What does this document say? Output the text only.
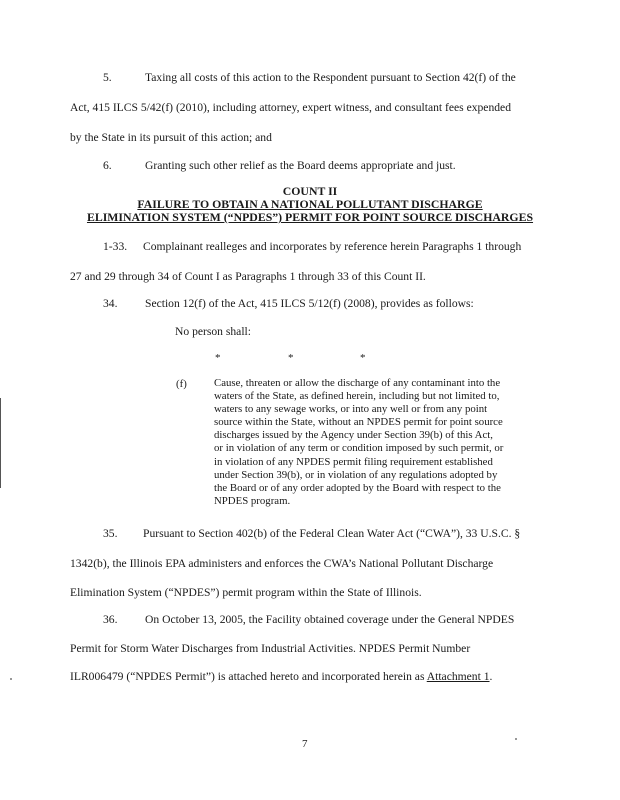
5.	Taxing all costs of this action to the Respondent pursuant to Section 42(f) of the
Act, 415 ILCS 5/42(f) (2010), including attorney, expert witness, and consultant fees expended
by the State in its pursuit of this action; and
6.	Granting such other relief as the Board deems appropriate and just.
COUNT II
FAILURE TO OBTAIN A NATIONAL POLLUTANT DISCHARGE
ELIMINATION SYSTEM (“NPDES”) PERMIT FOR POINT SOURCE DISCHARGES
1-33. Complainant realleges and incorporates by reference herein Paragraphs 1 through
27 and 29 through 34 of Count I as Paragraphs 1 through 33 of this Count II.
34. Section 12(f) of the Act, 415 ILCS 5/12(f) (2008), provides as follows:
No person shall:
*	*	*
(f)	Cause, threaten or allow the discharge of any contaminant into the
waters of the State, as defined herein, including but not limited to,
waters to any sewage works, or into any well or from any point
source within the State, without an NPDES permit for point source
discharges issued by the Agency under Section 39(b) of this Act,
or in violation of any term or condition imposed by such permit, or
in violation of any NPDES permit filing requirement established
under Section 39(b), or in violation of any regulations adopted by
the Board or of any order adopted by the Board with respect to the
NPDES program.
35. Pursuant to Section 402(b) of the Federal Clean Water Act (“CWA”), 33 U.S.C. §
1342(b), the Illinois EPA administers and enforces the CWA’s National Pollutant Discharge
Elimination System (“NPDES”) permit program within the State of Illinois.
36. On October 13, 2005, the Facility obtained coverage under the General NPDES
Permit for Storm Water Discharges from Industrial Activities. NPDES Permit Number
ILR006479 (“NPDES Permit”) is attached hereto and incorporated herein as Attachment 1.
7
